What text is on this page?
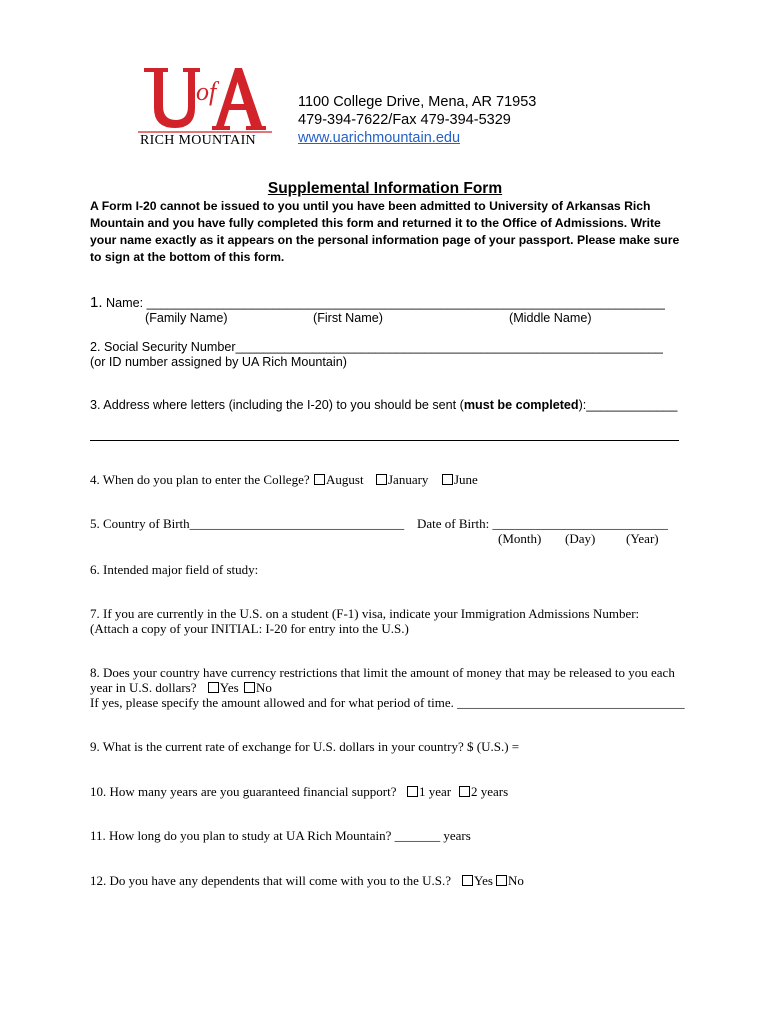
of
RICH MOUNTAIN
1100 College Drive, Mena, AR 71953
479-394-7622/Fax 479-394-5329
www.uarichmountain.edu
Supplemental Information Form
A Form I-20 cannot be issued to you until you have been admitted to University of Arkansas Rich Mountain and you have fully completed this form and returned it to the Office of Admissions. Write your name exactly as it appears on the personal information page of your passport. Please make sure to sign at the bottom of this form.
1. Name: __________________________________________________________________________
(Family Name)	(First Name)	(Middle Name)
2. Social Security Number_____________________________________________________________
(or ID number assigned by UA Rich Mountain)
3. Address where letters (including the I-20) to you should be sent (must be completed):_____________
4. When do you plan to enter the College?	August	January	June
5. Country of Birth_________________________________ Date of Birth: ___________________________
(Month) (Day) (Year)
6. Intended major field of study:
7. If you are currently in the U.S. on a student (F-1) visa, indicate your Immigration Admissions Number:
(Attach a copy of your INITIAL: I-20 for entry into the U.S.)
8. Does your country have currency restrictions that limit the amount of money that may be released to you each
year in U.S. dollars? Yes No
If yes, please specify the amount allowed and for what period of time. ___________________________________
9. What is the current rate of exchange for U.S. dollars in your country? $ (U.S.) =
10. How many years are you guaranteed financial support?	1 year	2 years
11. How long do you plan to study at UA Rich Mountain? _______ years
12. Do you have any dependents that will come with you to the U.S.?	Yes	No
